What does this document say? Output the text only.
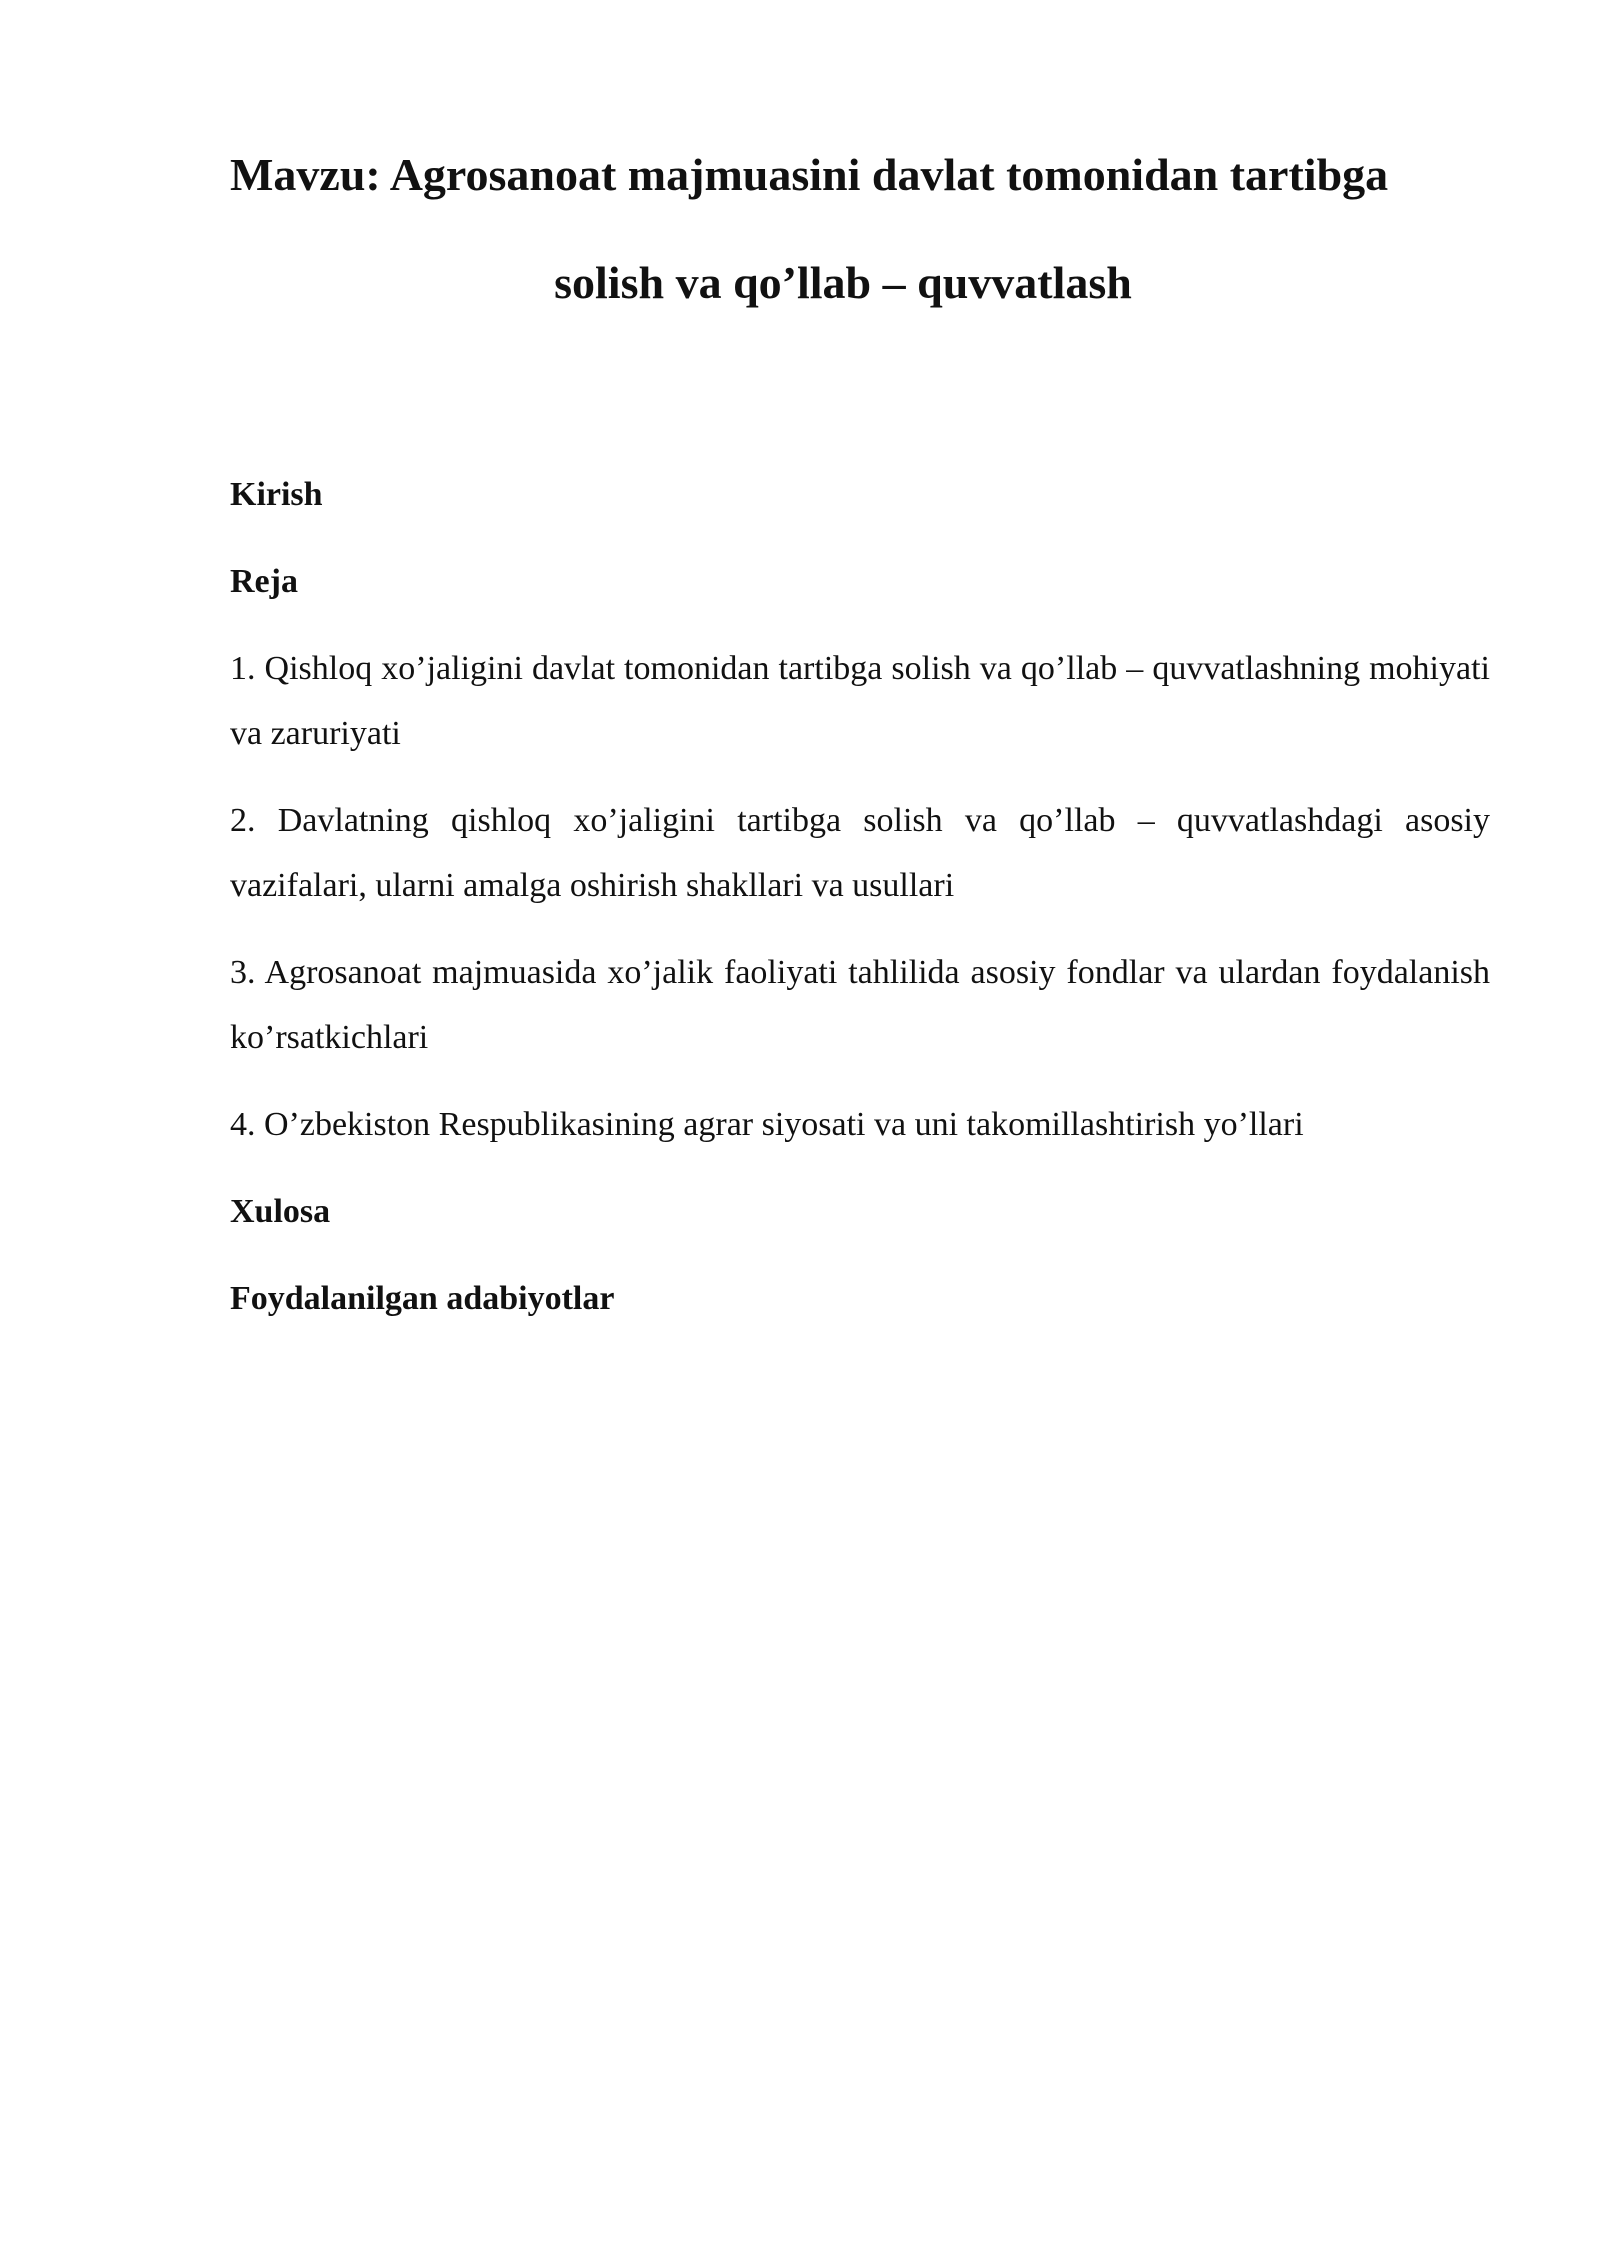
Mavzu: Agrosanoat majmuasini davlat tomonidan tartibga
solish va qo’llab – quvvatlash

Kirish

Reja

1. Qishloq xo’jaligini davlat tomonidan tartibga solish va qo’llab – quvvatlashning mohiyati va zaruriyati

2. Davlatning qishloq xo’jaligini tartibga solish va qo’llab – quvvatlashdagi asosiy vazifalari, ularni amalga oshirish shakllari va usullari

3. Agrosanoat majmuasida xo’jalik faoliyati tahlilida asosiy fondlar va ulardan foydalanish ko’rsatkichlari

4. O’zbekiston Respublikasining agrar siyosati va uni takomillashtirish yo’llari

Xulosa

Foydalanilgan adabiyotlar
